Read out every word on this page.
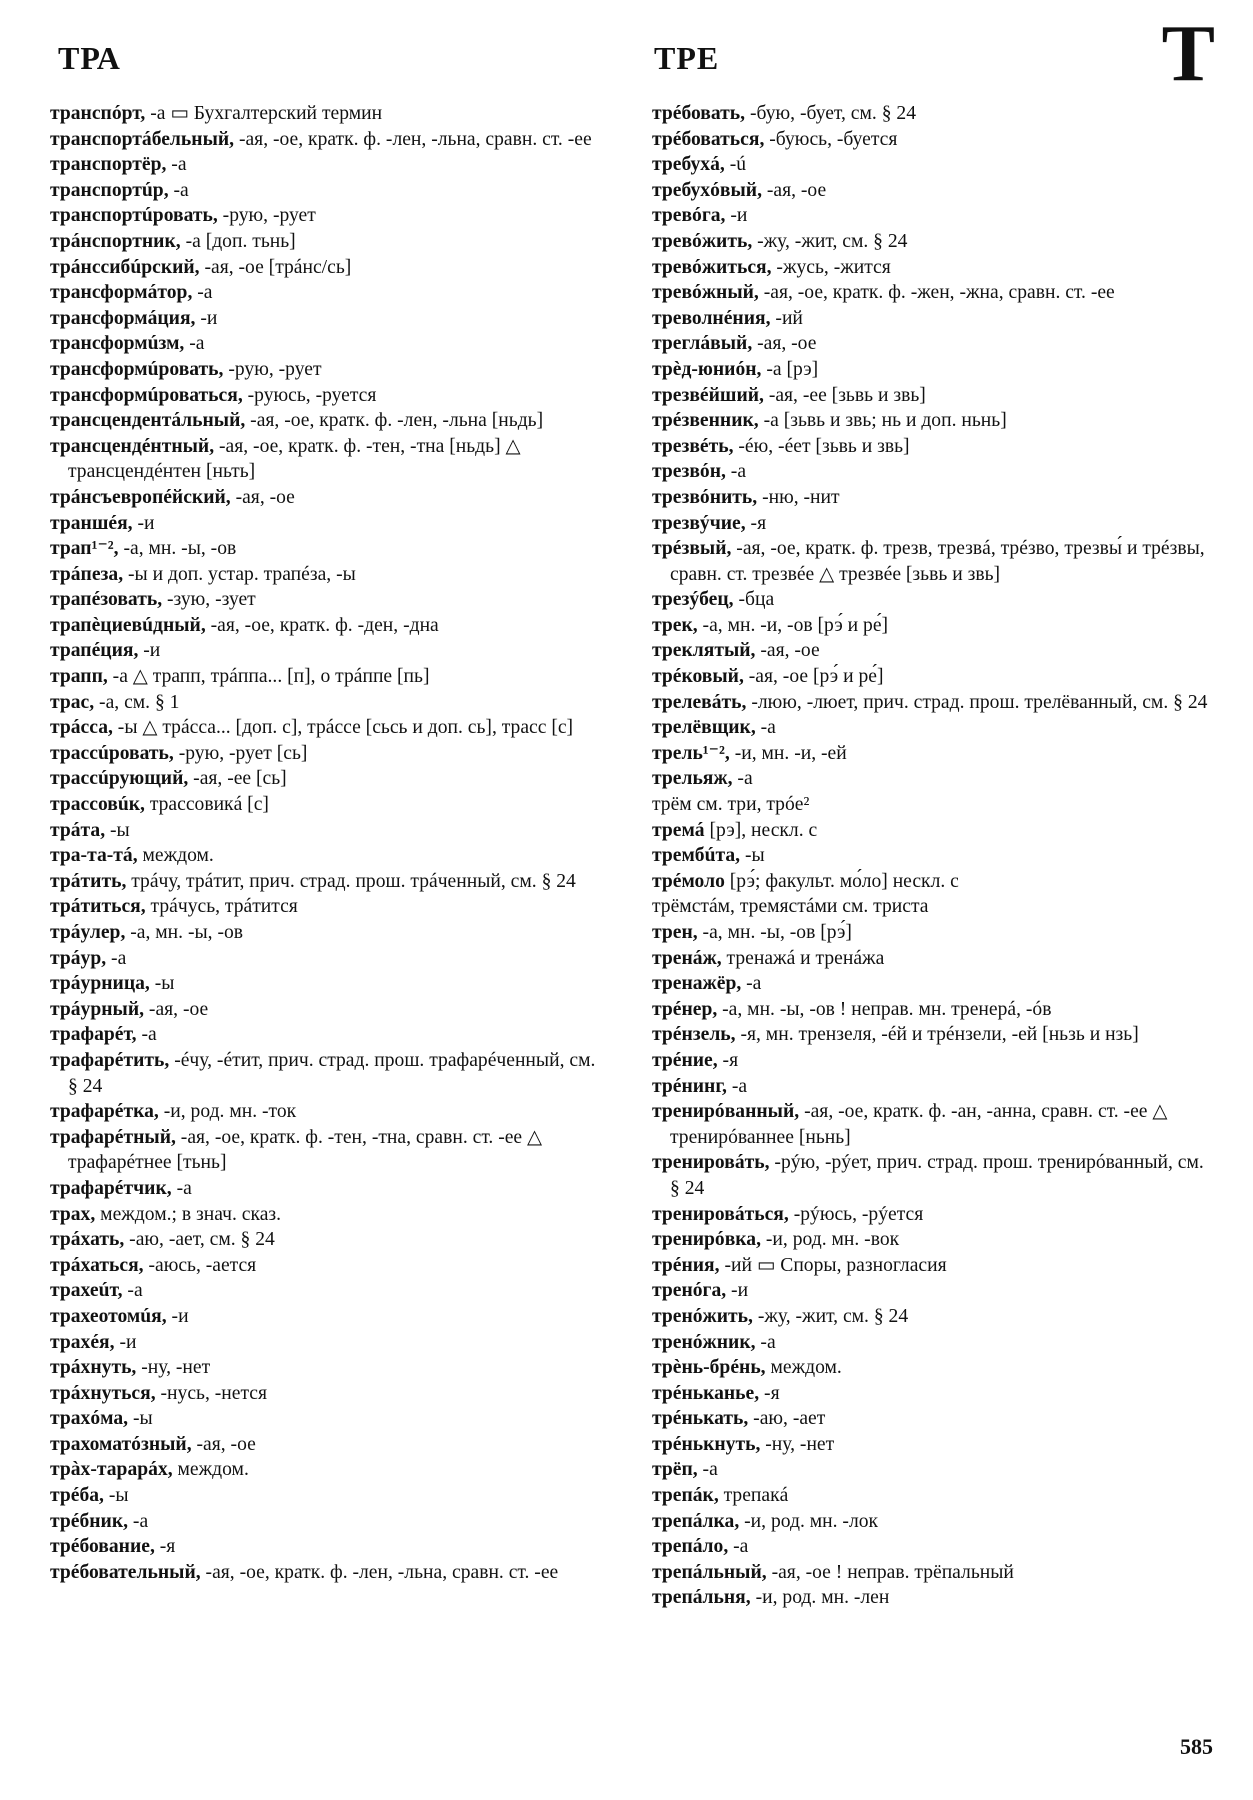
ТРА	ТРЕ	Т
транспóрт, -а ▭ Бухгалтерский термин
транспортáбельный, -ая, -ое, кратк. ф. -лен, -льна, сравн. ст. -ее
транспортёр, -а
транспортúр, -а
транспортúровать, -рую, -рует
трáнспортник, -а [доп. тьнь]
трáнссибúрский, -ая, -ое [трáнс/сь]
трансформáтор, -а
трансформáция, -и
трансформúзм, -а
трансформúровать, -рую, -рует
трансформúроваться, -руюсь, -руется
трансцендентáльный, -ая, -ое, кратк. ф. -лен, -льна [ньдь]
трансцендéнтный, -ая, -ое, кратк. ф. -тен, -тна [ньдь] △ трансцендéнтен [ньть]
трáнсъевропéйский, -ая, -ое
траншéя, -и
трап¹⁻², -а, мн. -ы, -ов
трáпеза, -ы и доп. устар. трапéза, -ы
трапéзовать, -зую, -зует
трапèциевúдный, -ая, -ое, кратк. ф. -ден, -дна
трапéция, -и
трапп, -а △ трапп, трáппа... [п], о трáппе [пь]
трас, -а, см. § 1
трáсса, -ы △ трáсса... [доп. с], трáссе [сьсь и доп. сь], трасс [с]
трассúровать, -рую, -рует [сь]
трассúрующий, -ая, -ее [сь]
трассовúк, трассовикá [с]
трáта, -ы
тра-та-тá, междом.
трáтить, трáчу, трáтит, прич. страд. прош. трáченный, см. § 24
трáтиться, трáчусь, трáтится
трáулер, -а, мн. -ы, -ов
трáур, -а
трáурница, -ы
трáурный, -ая, -ое
трафарéт, -а
трафарéтить, -éчу, -éтит, прич. страд. прош. трафарéченный, см. § 24
трафарéтка, -и, род. мн. -ток
трафарéтный, -ая, -ое, кратк. ф. -тен, -тна, сравн. ст. -ее △ трафарéтнее [тьнь]
трафарéтчик, -а
трах, междом.; в знач. сказ.
трáхать, -аю, -ает, см. § 24
трáхаться, -аюсь, -ается
трахеúт, -а
трахеотомúя, -и
трахéя, -и
трáхнуть, -ну, -нет
трáхнуться, -нусь, -нется
трахóма, -ы
трахоматóзный, -ая, -ое
трàх-тарарáх, междом.
трéба, -ы
трéбник, -а
трéбование, -я
трéбовательный, -ая, -ое, кратк. ф. -лен, -льна, сравн. ст. -ее
трéбовать, -бую, -бует, см. § 24
трéбоваться, -буюсь, -буется
требухá, -ú
требухóвый, -ая, -ое
тревóга, -и
тревóжить, -жу, -жит, см. § 24
тревóжиться, -жусь, -жится
тревóжный, -ая, -ое, кратк. ф. -жен, -жна, сравн. ст. -ее
треволнéния, -ий
треглáвый, -ая, -ое
трèд-юниóн, -а [рэ]
трезвéйший, -ая, -ее [зьвь и звь]
трéзвенник, -а [зьвь и звь; нь и доп. ньнь]
трезвéть, -éю, -éет [зьвь и звь]
трезвóн, -а
трезвóнить, -ню, -нит
трезвýчие, -я
трéзвый, -ая, -ое, кратк. ф. трезв, трезвá, трéзво, трезвы́ и трéзвы, сравн. ст. трезвéе △ трезвéе [зьвь и звь]
трезýбец, -бца
трек, -а, мн. -и, -ов [рэ́ и ре́]
треклятый, -ая, -ое
трéковый, -ая, -ое [рэ́ и ре́]
трелевáть, -люю, -люет, прич. страд. прош. трелёванный, см. § 24
трелёвщик, -а
трель¹⁻², -и, мн. -и, -ей
трельяж, -а
трём см. три, трóе²
тремá [рэ], нескл. с
трембúта, -ы
трéмоло [рэ́; факульт. мо́ло] нескл. с
трёмстáм, тремястáми см. триста
трен, -а, мн. -ы, -ов [рэ́]
тренáж, тренажá и тренáжа
тренажёр, -а
трéнер, -а, мн. -ы, -ов ! неправ. мн. тренерá, -óв
трéнзель, -я, мн. трензеля, -éй и трéнзели, -ей [ньзь и нзь]
трéние, -я
трéнинг, -а
тренирóванный, -ая, -ое, кратк. ф. -ан, -анна, сравн. ст. -ее △ тренирóваннее [ньнь]
тренировáть, -рýю, -рýет, прич. страд. прош. тренирóванный, см. § 24
тренировáться, -рýюсь, -рýется
тренирóвка, -и, род. мн. -вок
трéния, -ий ▭ Споры, разногласия
тренóга, -и
тренóжить, -жу, -жит, см. § 24
тренóжник, -а
трèнь-брéнь, междом.
трéньканье, -я
трéнькать, -аю, -ает
трéнькнуть, -ну, -нет
трёп, -а
трепáк, трепакá
трепáлка, -и, род. мн. -лок
трепáло, -а
трепáльный, -ая, -ое ! неправ. трёпальный
трепáльня, -и, род. мн. -лен
585
